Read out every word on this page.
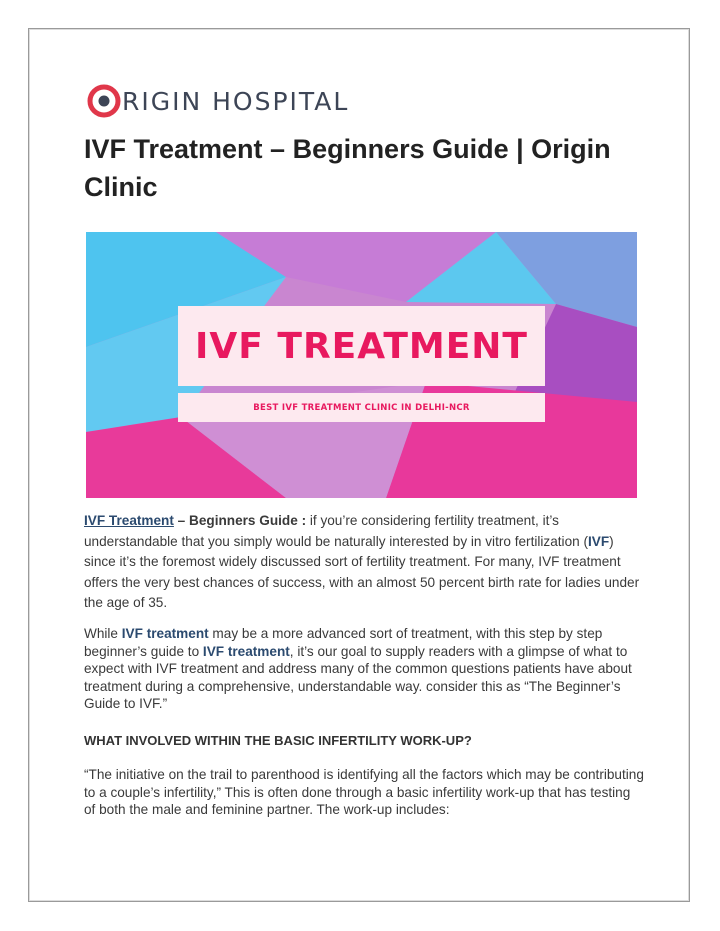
RIGIN HOSPITAL
IVF Treatment – Beginners Guide | Origin Clinic
IVF TREATMENT
BEST IVF TREATMENT CLINIC IN DELHI-NCR

IVF Treatment – Beginners Guide : if you’re considering fertility treatment, it’s understandable that you simply would be naturally interested by in vitro fertilization (IVF) since it’s the foremost widely discussed sort of fertility treatment. For many, IVF treatment offers the very best chances of success, with an almost 50 percent birth rate for ladies under the age of 35.

While IVF treatment may be a more advanced sort of treatment, with this step by step beginner’s guide to IVF treatment, it’s our goal to supply readers with a glimpse of what to expect with IVF treatment and address many of the common questions patients have about treatment during a comprehensive, understandable way. consider this as “The Beginner’s Guide to IVF.”

WHAT INVOLVED WITHIN THE BASIC INFERTILITY WORK-UP?

“The initiative on the trail to parenthood is identifying all the factors which may be contributing to a couple’s infertility,” This is often done through a basic infertility work-up that has testing of both the male and feminine partner. The work-up includes:
